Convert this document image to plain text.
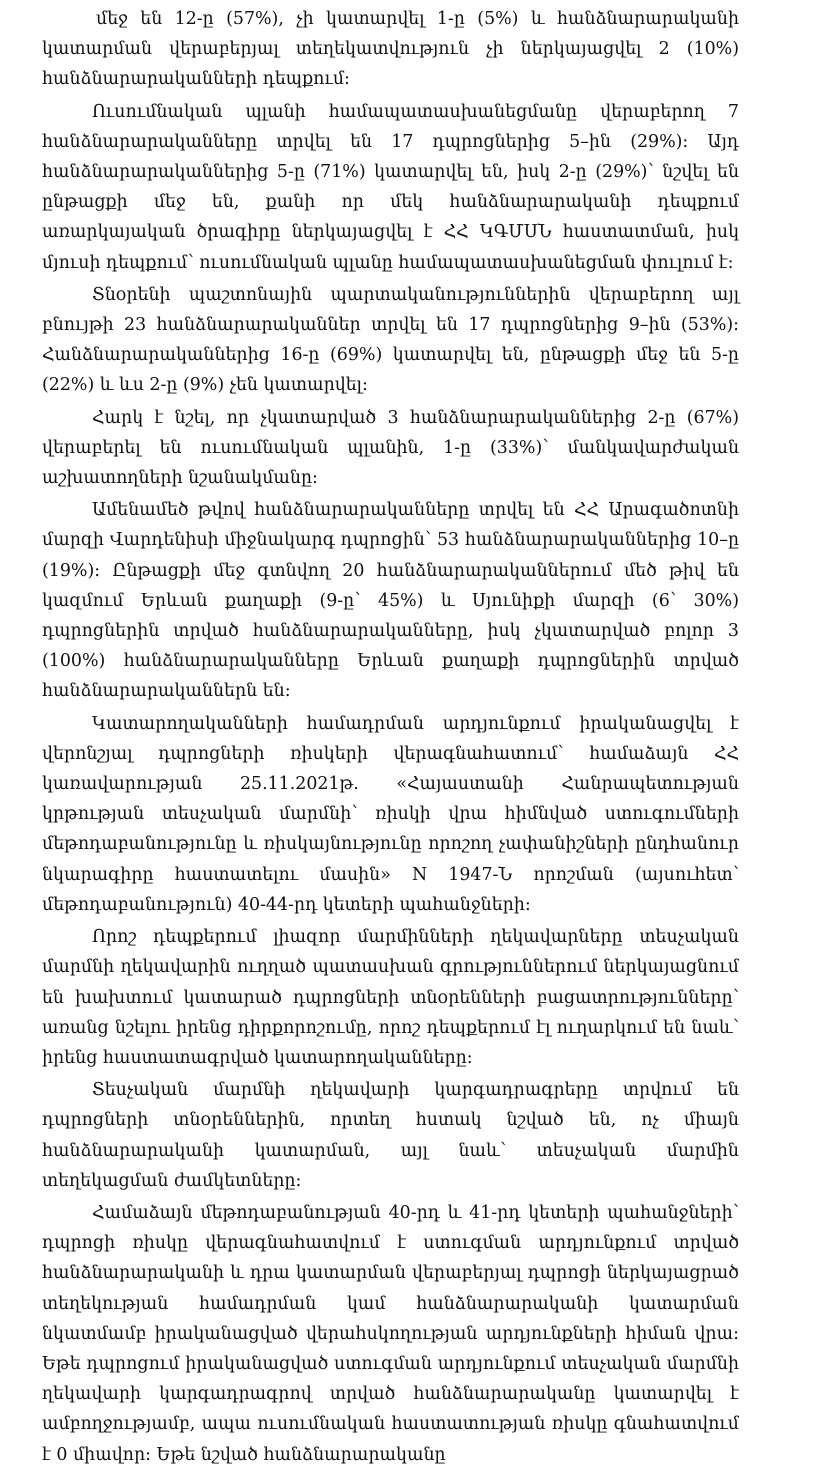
մեջ են 12-ը (57%), չի կատարվել 1-ը (5%) և հանձնարարականի կատարման վերաբերյալ տեղեկատվություն չի ներկայացվել 2 (10%) հանձնարարականների դեպքում:

Ուսումնական պլանի համապատասխանեցմանը վերաբերող 7 հանձնարարականները տրվել են 17 դպրոցներից 5–ին (29%): Այդ հանձնարարականներից 5-ը (71%) կատարվել են, իսկ 2-ը (29%)՝ նշվել են ընթացքի մեջ են, քանի որ մեկ հանձնարարականի դեպքում առարկայական ծրագիրը ներկայացվել է ՀՀ ԿԳՄՍՆ հաստատման, իսկ մյուսի դեպքում՝ ուսումնական պլանը համապատասխանեցման փուլում է:

Տնօրենի պաշտոնային պարտականություններին վերաբերող այլ բնույթի 23 հանձնարարականներ տրվել են 17 դպրոցներից 9–ին (53%): Հանձնարարականներից 16-ը (69%) կատարվել են, ընթացքի մեջ են 5-ը (22%) և ևս 2-ը (9%) չեն կատարվել:

Հարկ է նշել, որ չկատարված 3 հանձնարարականներից 2-ը (67%) վերաբերել են ուսումնական պլանին, 1-ը (33%)՝ մանկավարժական աշխատողների նշանակմանը:

Ամենամեծ թվով հանձնարարականները տրվել են ՀՀ Արագածոտնի մարզի Վարդենիսի միջնակարգ դպրոցին՝ 53 հանձնարարականներից 10–ը (19%): Ընթացքի մեջ գտնվող 20 հանձնարարականներում մեծ թիվ են կազմում Երևան քաղաքի (9-ը՝ 45%) և Սյունիքի մարզի (6՝ 30%) դպրոցներին տրված հանձնարարականները, իսկ չկատարված բոլոր 3 (100%) հանձնարարականները Երևան քաղաքի դպրոցներին տրված հանձնարարականներն են:

Կատարողականների համադրման արդյունքում իրականացվել է վերոնշյալ դպրոցների ռիսկերի վերագնահատում՝ համաձայն ՀՀ կառավարության 25.11.2021թ. «Հայաստանի Հանրապետության կրթության տեսչական մարմնի՝ ռիսկի վրա հիմնված ստուգումների մեթոդաբանությունը և ռիսկայնությունը որոշող չափանիշների ընդհանուր նկարագիրը հաստատելու մասին» N 1947-Ն որոշման (այսուհետ՝ մեթոդաբանություն) 40-44-րդ կետերի պահանջների:

Որոշ դեպքերում լիազոր մարմինների ղեկավարները տեսչական մարմնի ղեկավարին ուղղած պատասխան գրություններում ներկայացնում են խախտում կատարած դպրոցների տնօրենների բացատրությունները՝ առանց նշելու իրենց դիրքորոշումը, որոշ դեպքերում էլ ուղարկում են նաև՝ իրենց հաստատագրված կատարողականները:

Տեսչական մարմնի ղեկավարի կարգադրագրերը տրվում են դպրոցների տնօրեններին, որտեղ հստակ նշված են, ոչ միայն հանձնարարականի կատարման, այլ նաև՝ տեսչական մարմին տեղեկացման ժամկետները:

Համաձայն մեթոդաբանության 40-րդ և 41-րդ կետերի պահանջների՝ դպրոցի ռիսկը վերագնահատվում է ստուգման արդյունքում տրված հանձնարարականի և դրա կատարման վերաբերյալ դպրոցի ներկայացրած տեղեկության համադրման կամ հանձնարարականի կատարման նկատմամբ իրականացված վերահսկողության արդյունքների հիման վրա: Եթե դպրոցում իրականացված ստուգման արդյունքում տեսչական մարմնի ղեկավարի կարգադրագրով տրված հանձնարարականը կատարվել է ամբողջությամբ, ապա ուսումնական հաստատության ռիսկը գնահատվում է 0 միավոր: Եթե նշված հանձնարարականը
